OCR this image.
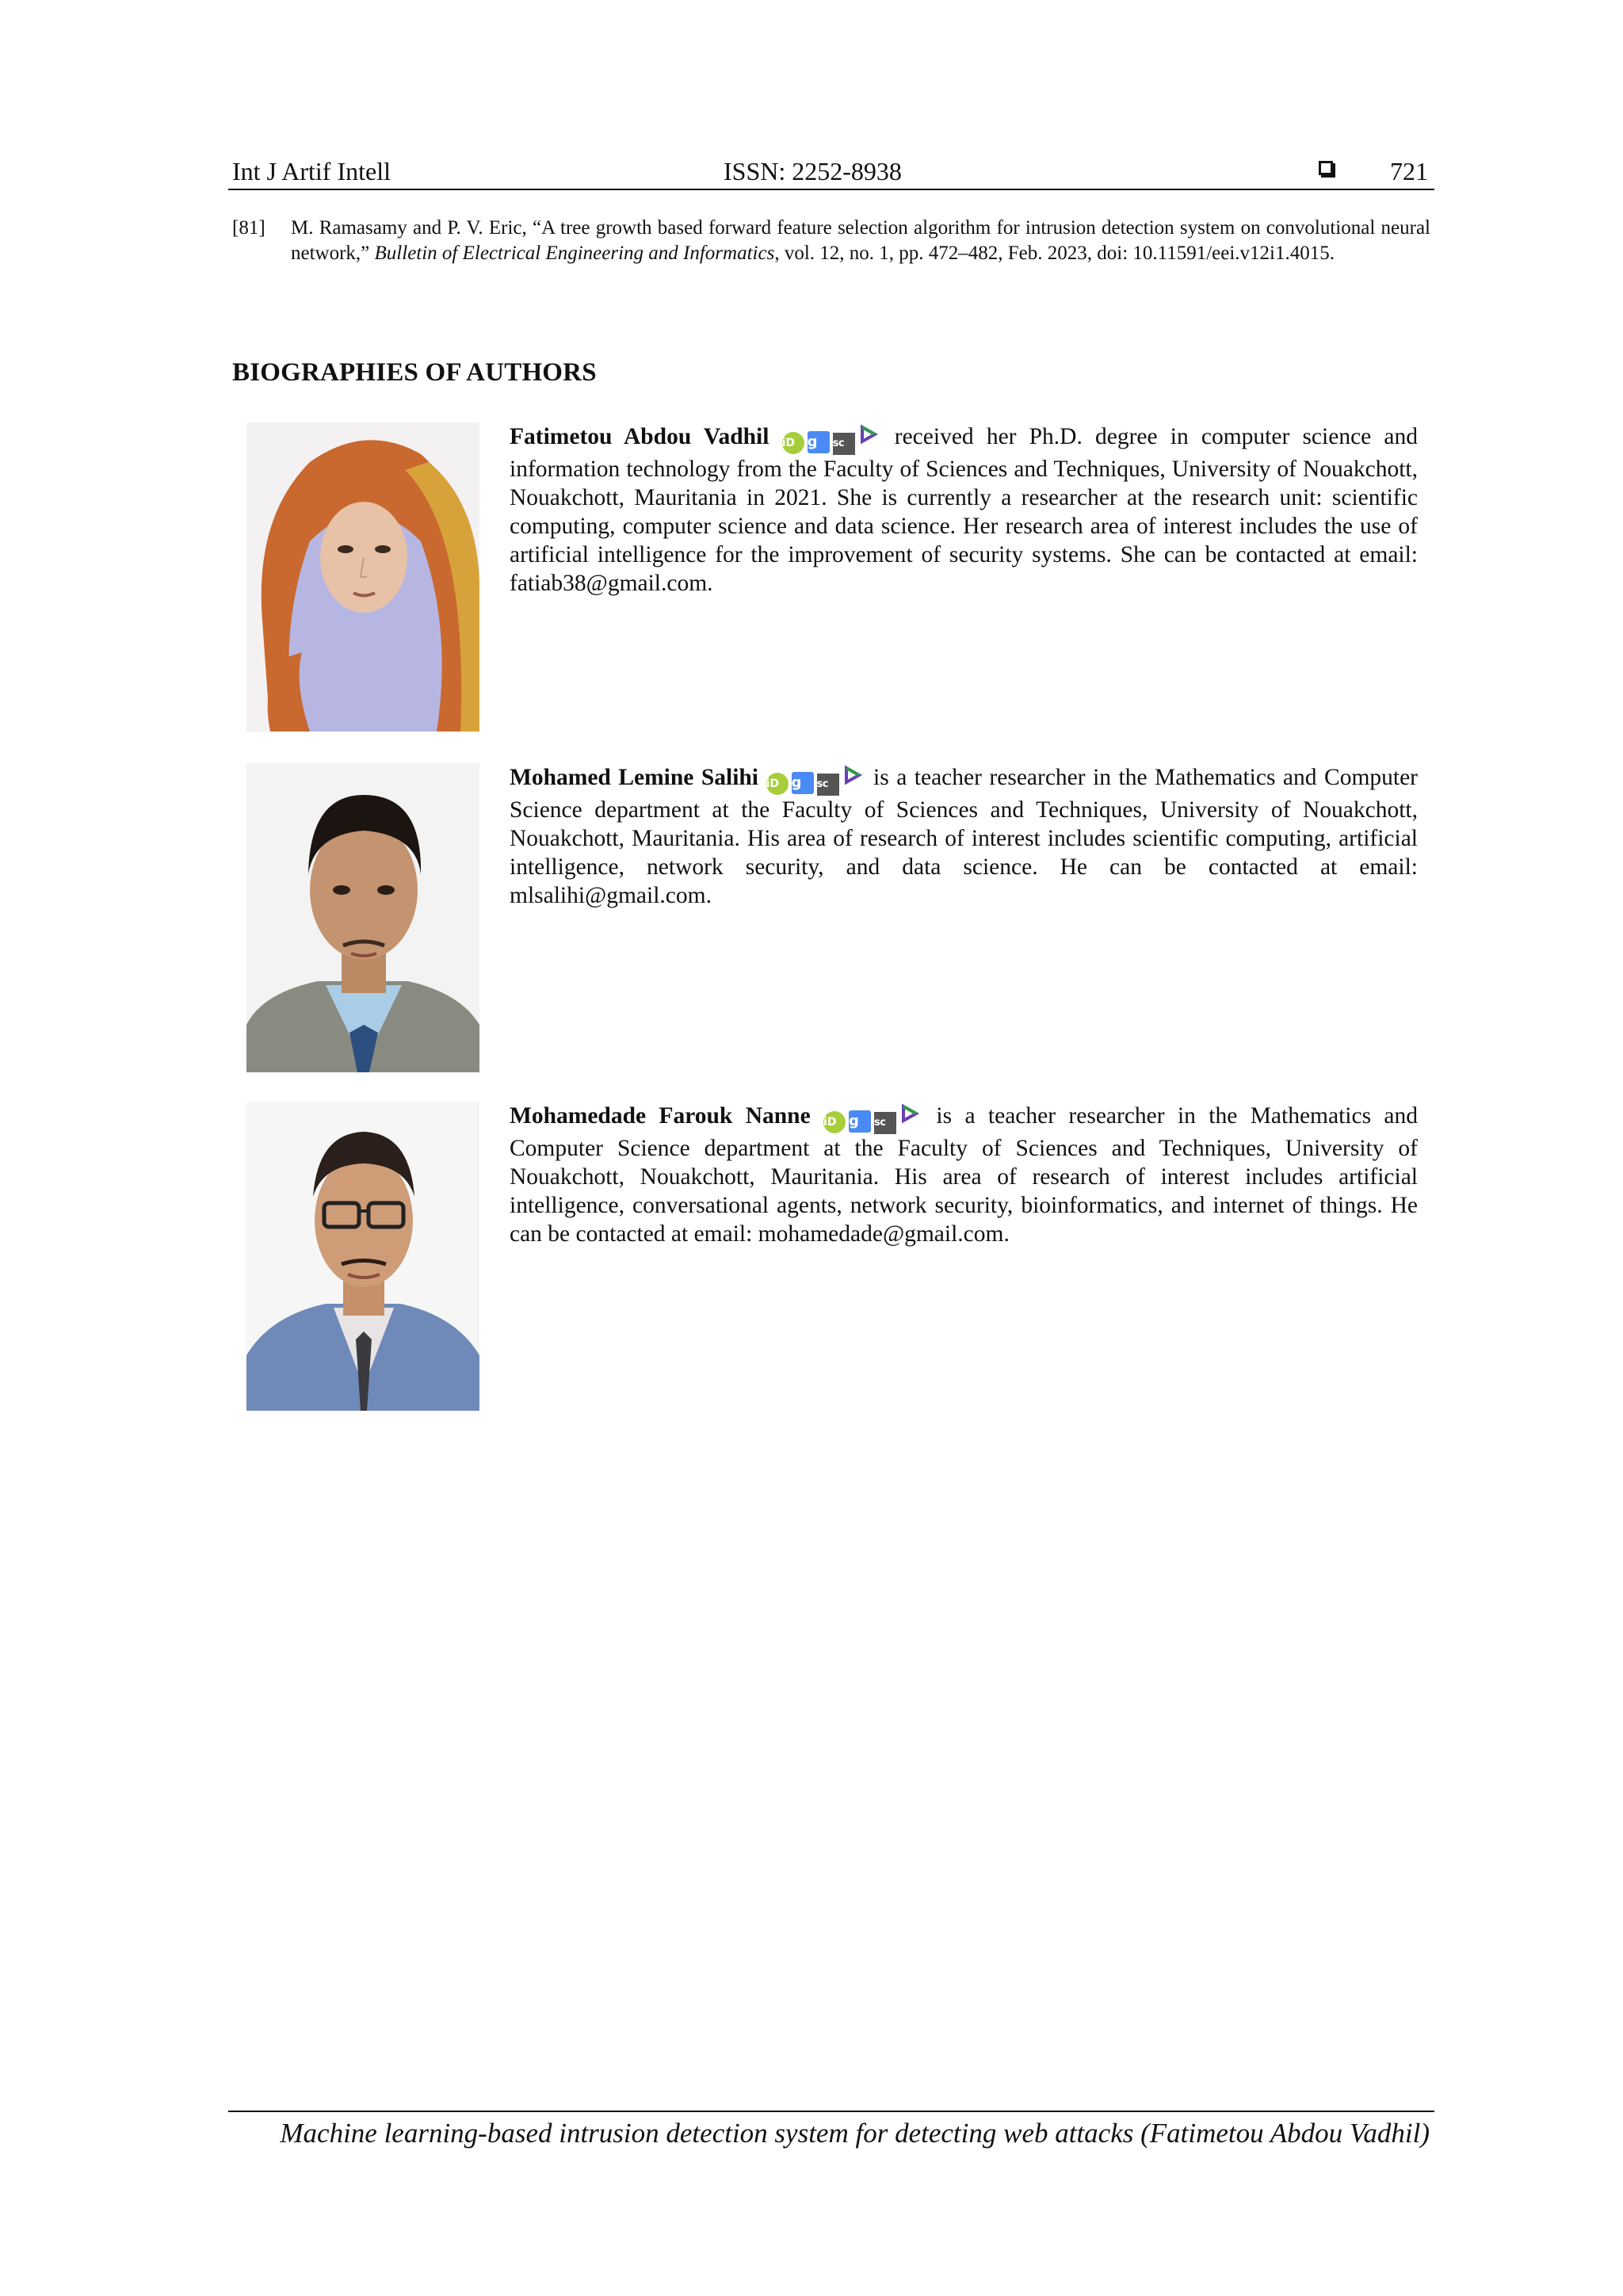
Int J Artif Intell	ISSN: 2252-8938	721
[81] M. Ramasamy and P. V. Eric, “A tree growth based forward feature selection algorithm for intrusion detection system on convolutional neural network,” Bulletin of Electrical Engineering and Informatics, vol. 12, no. 1, pp. 472–482, Feb. 2023, doi: 10.11591/eei.v12i1.4015.
BIOGRAPHIES OF AUTHORS
Fatimetou Abdou Vadhil iD g sc received her Ph.D. degree in computer science and information technology from the Faculty of Sciences and Techniques, University of Nouakchott, Nouakchott, Mauritania in 2021. She is currently a researcher at the research unit: scientific computing, computer science and data science. Her research area of interest includes the use of artificial intelligence for the improvement of security systems. She can be contacted at email: fatiab38@gmail.com.
Mohamed Lemine Salihi iD g sc is a teacher researcher in the Mathematics and Computer Science department at the Faculty of Sciences and Techniques, University of Nouakchott, Nouakchott, Mauritania. His area of research of interest includes scientific computing, artificial intelligence, network security, and data science. He can be contacted at email: mlsalihi@gmail.com.
Mohamedade Farouk Nanne iD g sc is a teacher researcher in the Mathematics and Computer Science department at the Faculty of Sciences and Techniques, University of Nouakchott, Nouakchott, Mauritania. His area of research of interest includes artificial intelligence, conversational agents, network security, bioinformatics, and internet of things. He can be contacted at email: mohamedade@gmail.com.
Machine learning-based intrusion detection system for detecting web attacks (Fatimetou Abdou Vadhil)
